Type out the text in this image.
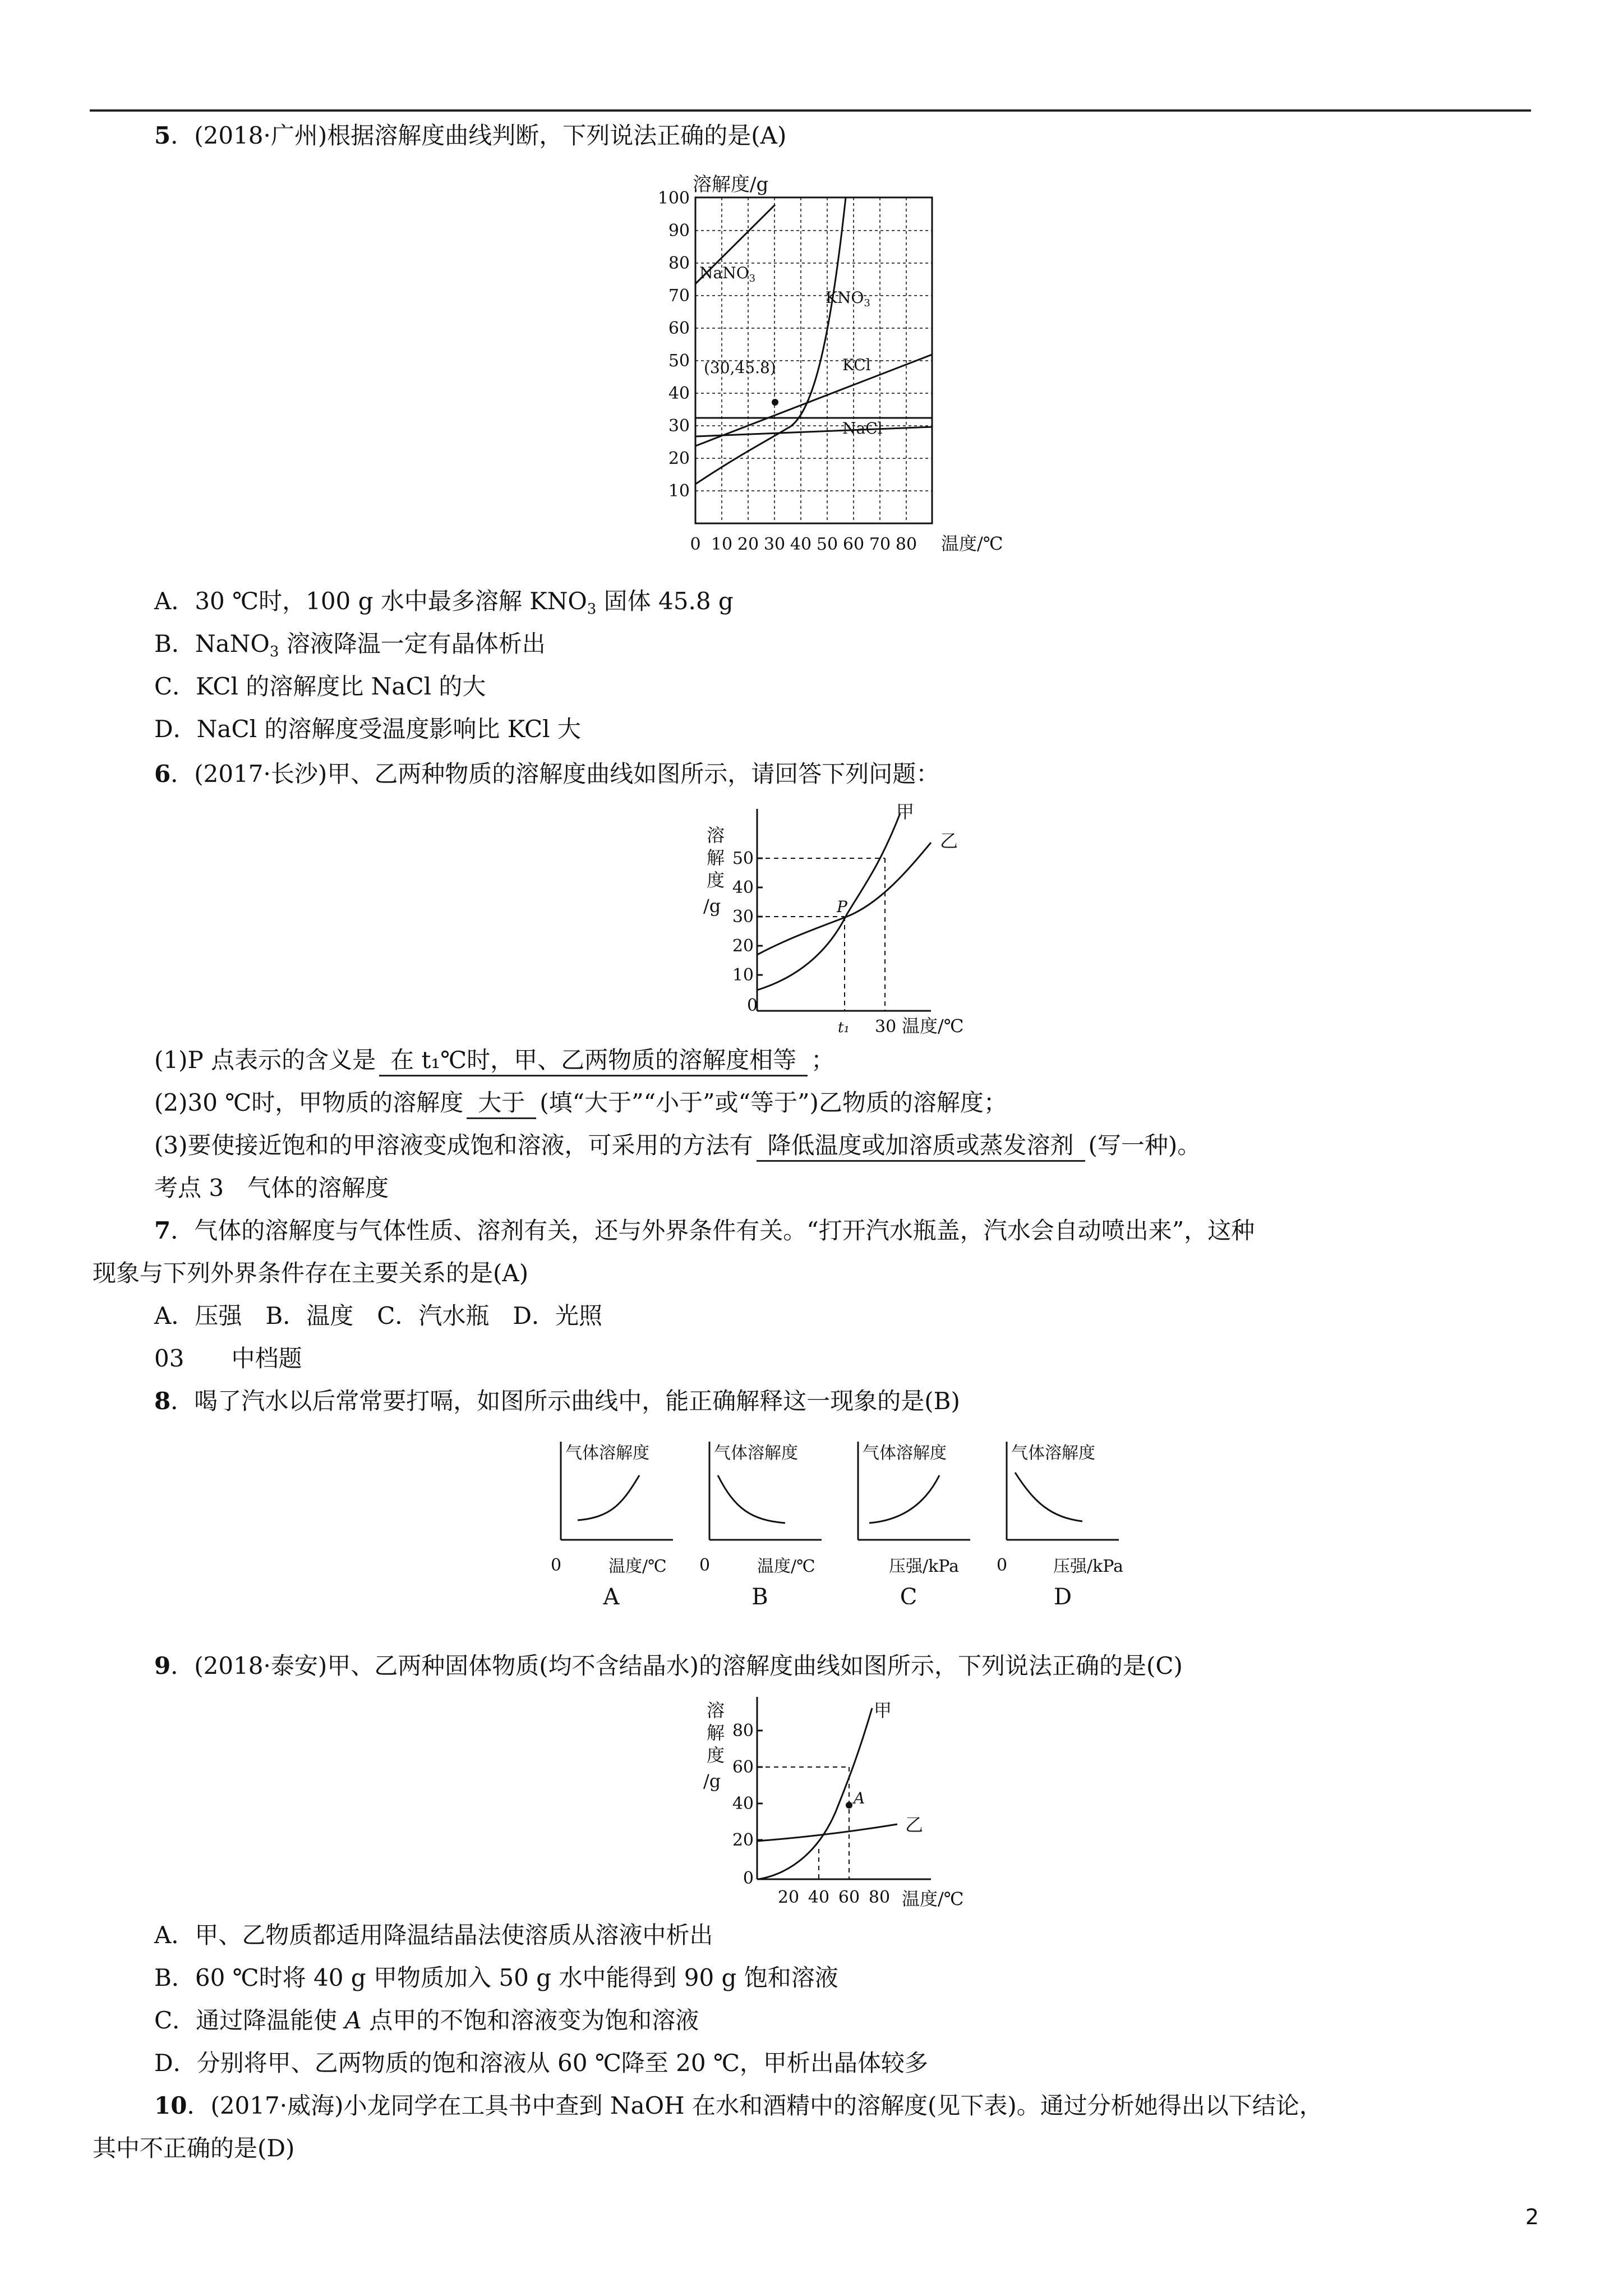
5．(2018·广州)根据溶解度曲线判断，下列说法正确的是(A)
溶解度/g
100
90
80
70
60
50
40
30
20
10
0 10 20 30 40 50 60 70 80 温度/℃
NaNO$_3$
$KNO_3$
(30,45.8)	KCl
NaCl
A．30 ℃时，100 g 水中最多溶解 $KNO_3$ 固体 45.8 g
B．NaNO$_3$ 溶液降温一定有晶体析出
C．KCl 的溶解度比 NaCl 的大
D．NaCl 的溶解度受温度影响比 KCl 大
6．(2017·长沙)甲、乙两种物质的溶解度曲线如图所示，请回答下列问题：
溶
解
度
/g
50
40
30
20
10
甲
乙
P
0
t₁ 30 温度/℃
(1)P 点表示的含义是 在 t₁℃时，甲、乙两物质的溶解度相等 ；
(2)30 ℃时，甲物质的溶解度 大于 (填“大于”“小于”或“等于”)乙物质的溶解度；
(3)要使接近饱和的甲溶液变成饱和溶液，可采用的方法有 降低温度或加溶质或蒸发溶剂 (写一种)。
考点 3　气体的溶解度
7．气体的溶解度与气体性质、溶剂有关，还与外界条件有关。“打开汽水瓶盖，汽水会自动喷出来”，这种
现象与下列外界条件存在主要关系的是(A)
A．压强　B．温度　C．汽水瓶　D．光照
03　　中档题
8．喝了汽水以后常常要打嗝，如图所示曲线中，能正确解释这一现象的是(B)
气体溶解度
0	温度/℃
A
气体溶解度
0	温度/℃
B
气体溶解度
压强/kPa
C
气体溶解度
0	压强/kPa
D
9．(2018·泰安)甲、乙两种固体物质(均不含结晶水)的溶解度曲线如图所示，下列说法正确的是(C)
溶
解
度
/g
80
60
40
20
0
A
甲
乙
20 40 60 80 温度/℃
A．甲、乙物质都适用降温结晶法使溶质从溶液中析出
B．60 ℃时将 40 g 甲物质加入 50 g 水中能得到 90 g 饱和溶液
C．通过降温能使 A 点甲的不饱和溶液变为饱和溶液
D．分别将甲、乙两物质的饱和溶液从 60 ℃降至 20 ℃，甲析出晶体较多
10．(2017·威海)小龙同学在工具书中查到 NaOH 在水和酒精中的溶解度(见下表)。通过分析她得出以下结论，
其中不正确的是(D)
2
